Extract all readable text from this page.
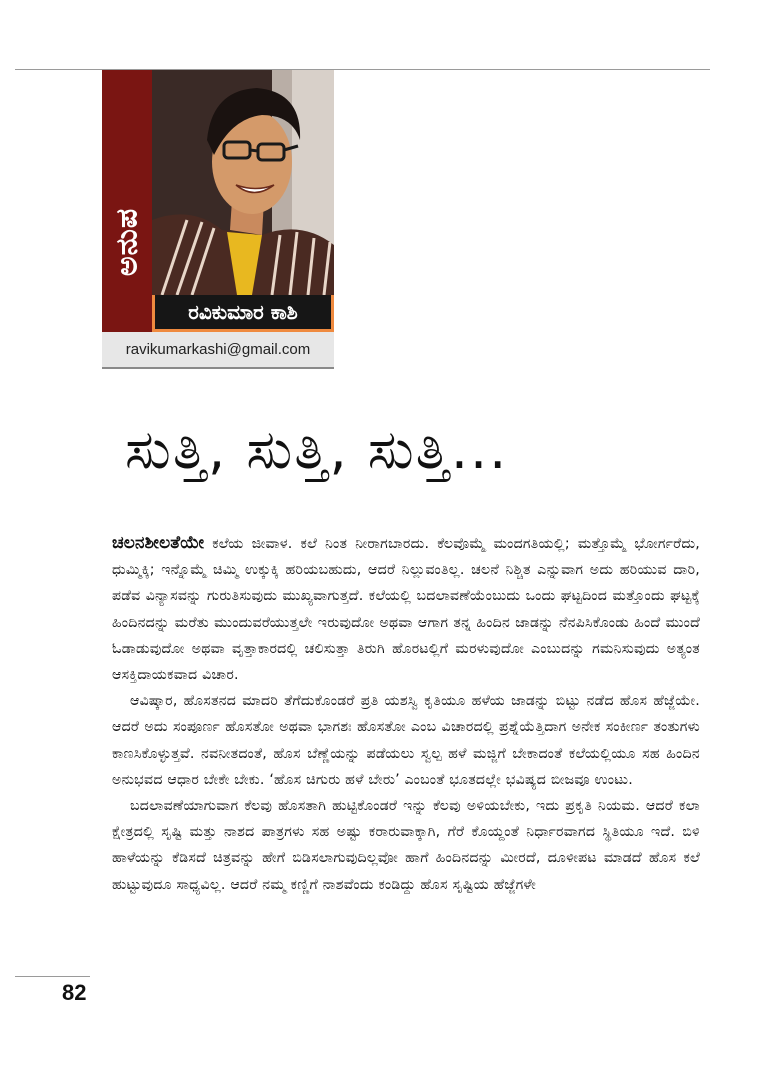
ಅನುಪ
ರವಿಕುಮಾರ ಕಾಶಿ
ravikumarkashi@gmail.com
ಸುತ್ತಿ, ಸುತ್ತಿ, ಸುತ್ತಿ...

ಚಲನಶೀಲತೆಯೇ ಕಲೆಯ ಜೀವಾಳ. ಕಲೆ ನಿಂತ ನೀರಾಗಬಾರದು. ಕೆಲವೊಮ್ಮೆ ಮಂದಗತಿಯಲ್ಲಿ; ಮತ್ತೊಮ್ಮೆ ಭೋರ್ಗರೆದು, ಧುಮ್ಮಿಕ್ಕಿ; ಇನ್ನೊಮ್ಮೆ ಚಿಮ್ಮಿ ಉಕ್ಕುಕ್ಕಿ ಹರಿಯಬಹುದು, ಆದರೆ ನಿಲ್ಲುವಂತಿಲ್ಲ. ಚಲನೆ ನಿಶ್ಚಿತ ಎನ್ನುವಾಗ ಅದು ಹರಿಯುವ ದಾರಿ, ಪಡೆವ ವಿನ್ಯಾಸವನ್ನು ಗುರುತಿಸುವುದು ಮುಖ್ಯವಾಗುತ್ತದೆ. ಕಲೆಯಲ್ಲಿ ಬದಲಾವಣೆಯೆಂಬುದು ಒಂದು ಘಟ್ಟದಿಂದ ಮತ್ತೊಂದು ಘಟ್ಟಕ್ಕೆ ಹಿಂದಿನದನ್ನು ಮರೆತು ಮುಂದುವರೆಯುತ್ತಲೇ ಇರುವುದೋ ಅಥವಾ ಆಗಾಗ ತನ್ನ ಹಿಂದಿನ ಜಾಡನ್ನು ನೆನಪಿಸಿಕೊಂಡು ಹಿಂದೆ ಮುಂದೆ ಓಡಾಡುವುದೋ ಅಥವಾ ವೃತ್ತಾಕಾರದಲ್ಲಿ ಚಲಿಸುತ್ತಾ ತಿರುಗಿ ಹೊರಟಲ್ಲಿಗೆ ಮರಳುವುದೋ ಎಂಬುದನ್ನು ಗಮನಿಸುವುದು ಅತ್ಯಂತ ಆಸಕ್ತಿದಾಯಕವಾದ ವಿಚಾರ.

ಆವಿಷ್ಕಾರ, ಹೊಸತನದ ಮಾದರಿ ತೆಗೆದುಕೊಂಡರೆ ಪ್ರತಿ ಯಶಸ್ವಿ ಕೃತಿಯೂ ಹಳೆಯ ಜಾಡನ್ನು ಬಿಟ್ಟು ನಡೆದ ಹೊಸ ಹೆಜ್ಜೆಯೇ. ಆದರೆ ಅದು ಸಂಪೂರ್ಣ ಹೊಸತೋ ಅಥವಾ ಭಾಗಶಃ ಹೊಸತೋ ಎಂಬ ವಿಚಾರದಲ್ಲಿ ಪ್ರಶ್ನೆಯೆತ್ತಿದಾಗ ಅನೇಕ ಸಂಕೀರ್ಣ ತಂತುಗಳು ಕಾಣಸಿಕೊಳ್ಳುತ್ತವೆ. ನವನೀತದಂತೆ, ಹೊಸ ಬೆಣ್ಣೆಯನ್ನು ಪಡೆಯಲು ಸ್ವಲ್ಪ ಹಳೆ ಮಜ್ಜಿಗೆ ಬೇಕಾದಂತೆ ಕಲೆಯಲ್ಲಿಯೂ ಸಹ ಹಿಂದಿನ ಅನುಭವದ ಆಧಾರ ಬೇಕೇ ಬೇಕು. ‘ಹೊಸ ಚಿಗುರು ಹಳೆ ಬೇರು’ ಎಂಬಂತೆ ಭೂತದಲ್ಲೇ ಭವಿಷ್ಯದ ಬೀಜವೂ ಉಂಟು.

ಬದಲಾವಣೆಯಾಗುವಾಗ ಕೆಲವು ಹೊಸತಾಗಿ ಹುಟ್ಟಿಕೊಂಡರೆ ಇನ್ನು ಕೆಲವು ಅಳಿಯಬೇಕು, ಇದು ಪ್ರಕೃತಿ ನಿಯಮ. ಆದರೆ ಕಲಾ ಕ್ಷೇತ್ರದಲ್ಲಿ ಸೃಷ್ಟಿ ಮತ್ತು ನಾಶದ ಪಾತ್ರಗಳು ಸಹ ಅಷ್ಟು ಕರಾರುವಾಕ್ಕಾಗಿ, ಗೆರೆ ಕೊಯ್ದಂತೆ ನಿರ್ಧಾರವಾಗದ ಸ್ಥಿತಿಯೂ ಇದೆ. ಬಿಳಿ ಹಾಳೆಯನ್ನು ಕೆಡಿಸದೆ ಚಿತ್ರವನ್ನು ಹೇಗೆ ಬಿಡಿಸಲಾಗುವುದಿಲ್ಲವೋ ಹಾಗೆ ಹಿಂದಿನದನ್ನು ಮೀರದೆ, ದೂಳೀಪಟ ಮಾಡದೆ ಹೊಸ ಕಲೆ ಹುಟ್ಟುವುದೂ ಸಾಧ್ಯವಿಲ್ಲ. ಆದರೆ ನಮ್ಮ ಕಣ್ಣಿಗೆ ನಾಶವೆಂದು ಕಂಡಿದ್ದು ಹೊಸ ಸೃಷ್ಟಿಯ ಹೆಜ್ಜೆಗಳೇ

82
